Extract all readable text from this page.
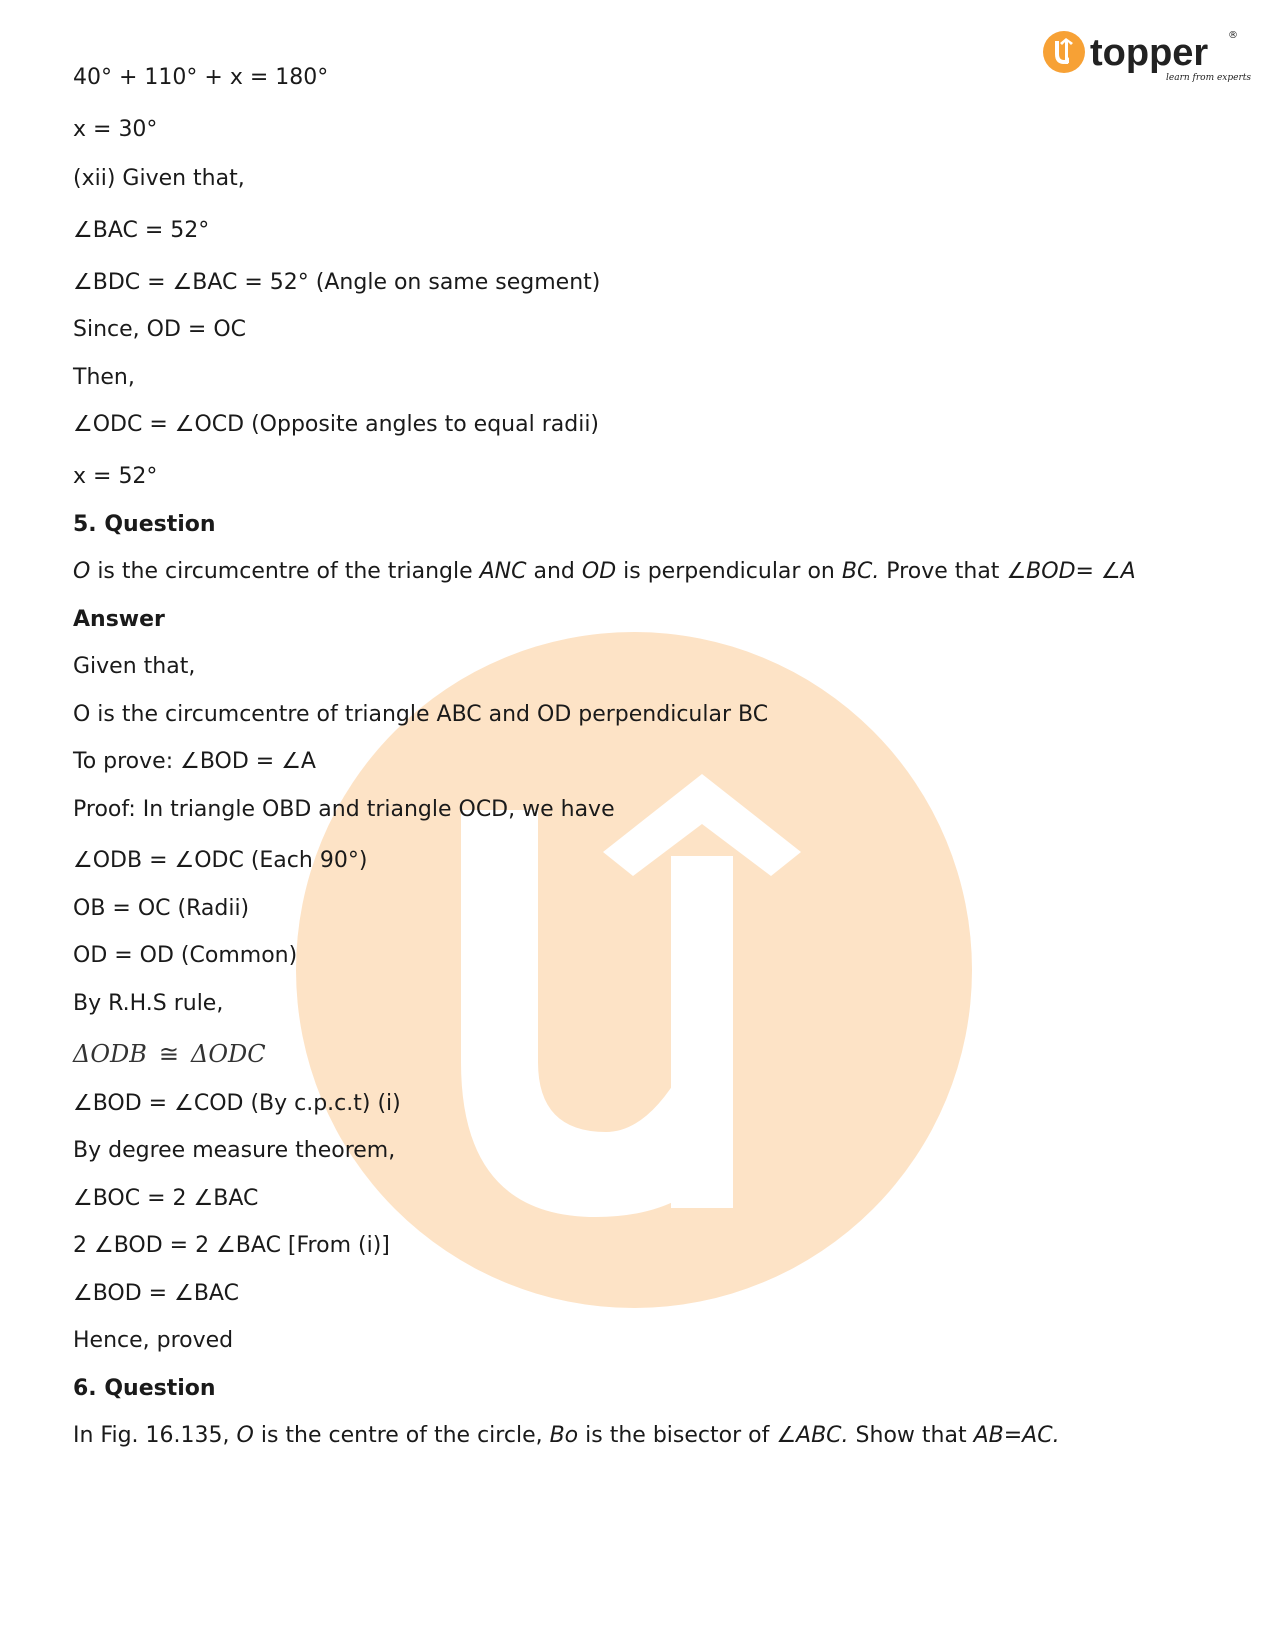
topper ®
learn from experts
40° + 110° + x = 180°
x = 30°
(xii) Given that,
∠BAC = 52°
∠BDC = ∠BAC = 52° (Angle on same segment)
Since, OD = OC
Then,
∠ODC = ∠OCD (Opposite angles to equal radii)
x = 52°
5. Question
O is the circumcentre of the triangle ANC and OD is perpendicular on BC. Prove that ∠BOD= ∠A
Answer
Given that,
O is the circumcentre of triangle ABC and OD perpendicular BC
To prove: ∠BOD = ∠A
Proof: In triangle OBD and triangle OCD, we have
∠ODB = ∠ODC (Each 90°)
OB = OC (Radii)
OD = OD (Common)
By R.H.S rule,
ΔODB ≅ ΔODC
∠BOD = ∠COD (By c.p.c.t) (i)
By degree measure theorem,
∠BOC = 2 ∠BAC
2 ∠BOD = 2 ∠BAC [From (i)]
∠BOD = ∠BAC
Hence, proved
6. Question
In Fig. 16.135, O is the centre of the circle, Bo is the bisector of ∠ABC. Show that AB=AC.
